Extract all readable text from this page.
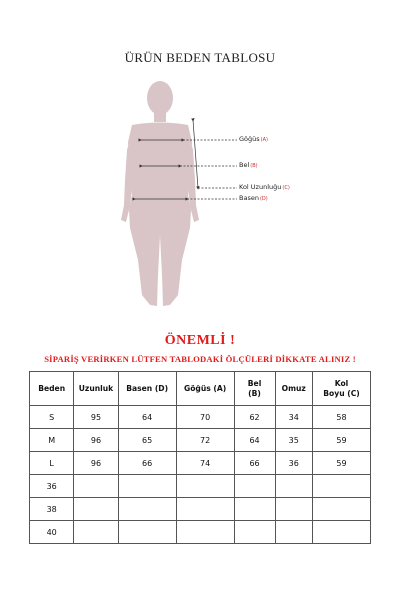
ÜRÜN BEDEN TABLOSU
Göğüs(A)
Bel(B)
Kol Uzunluğu(C)
Basen(D)
ÖNEMLİ !
SİPARİŞ VERİRKEN LÜTFEN TABLODAKİ ÖLÇÜLERİ DİKKATE ALINIZ !
Beden	Uzunluk	Basen (D)	Göğüs (A)	Bel (B)	Omuz	Kol Boyu (C)
S	95	64	70	62	34	58
M	96	65	72	64	35	59
L	96	66	74	66	36	59
36						
38						
40						
